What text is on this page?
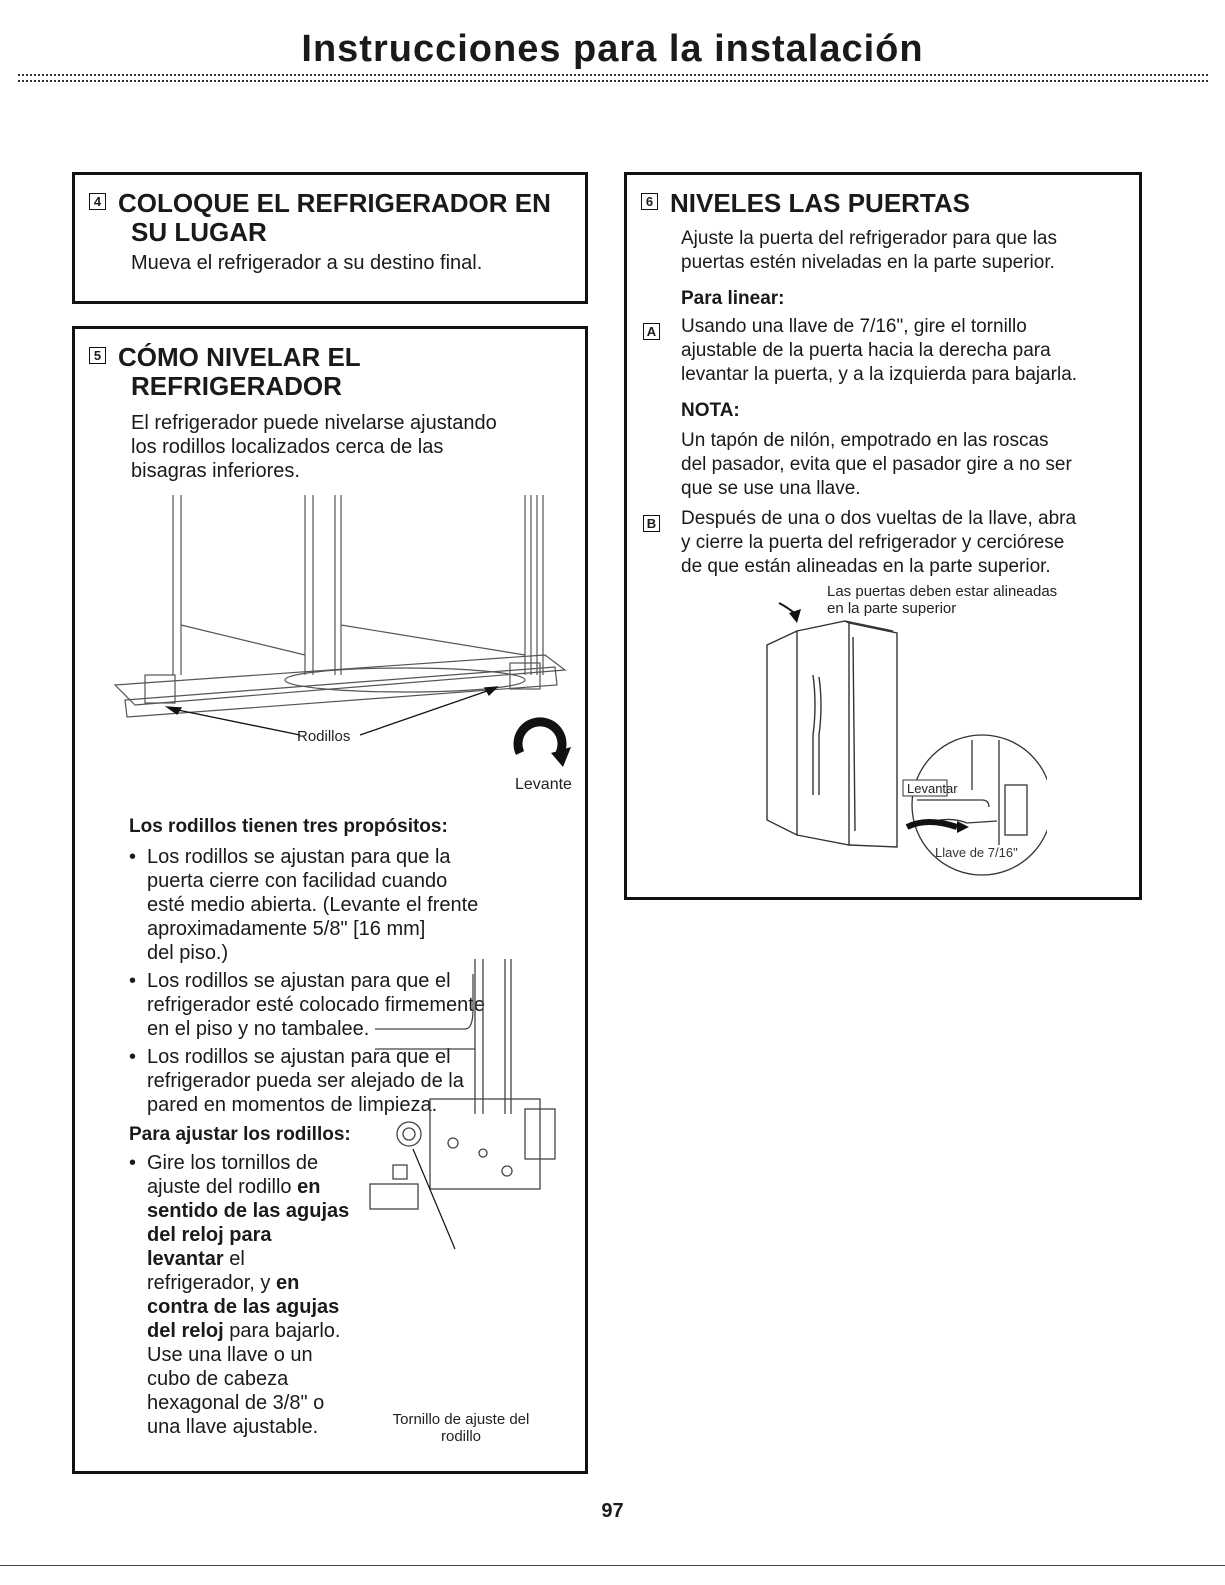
Instrucciones para la instalación
4 COLOQUE EL REFRIGERADOR EN
SU LUGAR
Mueva el refrigerador a su destino final.
5 CÓMO NIVELAR EL
REFRIGERADOR
El refrigerador puede nivelarse ajustando
los rodillos localizados cerca de las
bisagras inferiores.
Rodillos
Levante
Los rodillos tienen tres propósitos:
• Los rodillos se ajustan para que la
puerta cierre con facilidad cuando
esté medio abierta. (Levante el frente
aproximadamente 5/8" [16 mm]
del piso.)
• Los rodillos se ajustan para que el
refrigerador esté colocado firmemente
en el piso y no tambalee.
• Los rodillos se ajustan para que el
refrigerador pueda ser alejado de la
pared en momentos de limpieza.
Para ajustar los rodillos:
• Gire los tornillos de
ajuste del rodillo en
sentido de las agujas
del reloj para
levantar el
refrigerador, y en
contra de las agujas
del reloj para bajarlo.
Use una llave o un
cubo de cabeza
hexagonal de 3/8" o
una llave ajustable.	Tornillo de ajuste del
rodillo
6 NIVELES LAS PUERTAS
Ajuste la puerta del refrigerador para que las
puertas estén niveladas en la parte superior.
Para linear:
A Usando una llave de 7/16", gire el tornillo
ajustable de la puerta hacia la derecha para
levantar la puerta, y a la izquierda para bajarla.
NOTA:
Un tapón de nilón, empotrado en las roscas
del pasador, evita que el pasador gire a no ser
que se use una llave.
B Después de una o dos vueltas de la llave, abra
y cierre la puerta del refrigerador y cerciórese
de que están alineadas en la parte superior.
Las puertas deben estar alineadas
en la parte superior
Levantar
Llave de 7/16"
97
